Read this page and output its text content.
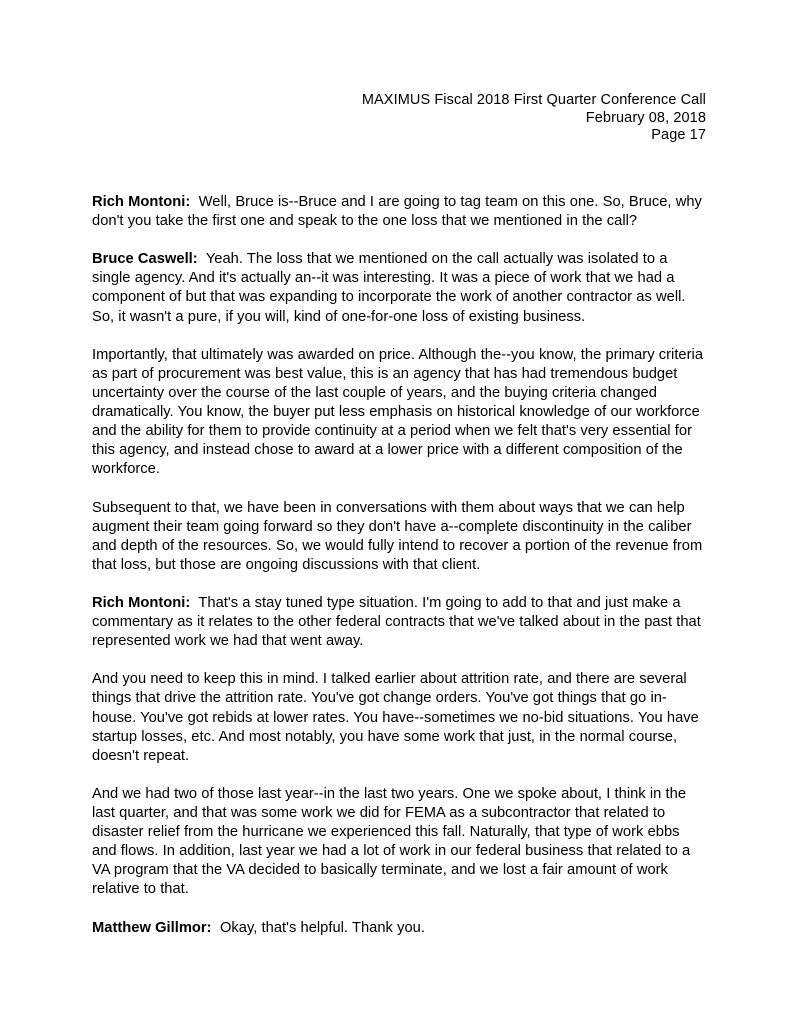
MAXIMUS Fiscal 2018 First Quarter Conference Call
February 08, 2018
Page 17

Rich Montoni: Well, Bruce is--Bruce and I are going to tag team on this one. So, Bruce, why don't you take the first one and speak to the one loss that we mentioned in the call?

Bruce Caswell: Yeah. The loss that we mentioned on the call actually was isolated to a single agency. And it's actually an--it was interesting. It was a piece of work that we had a component of but that was expanding to incorporate the work of another contractor as well. So, it wasn't a pure, if you will, kind of one-for-one loss of existing business.

Importantly, that ultimately was awarded on price. Although the--you know, the primary criteria as part of procurement was best value, this is an agency that has had tremendous budget uncertainty over the course of the last couple of years, and the buying criteria changed dramatically. You know, the buyer put less emphasis on historical knowledge of our workforce and the ability for them to provide continuity at a period when we felt that's very essential for this agency, and instead chose to award at a lower price with a different composition of the workforce.

Subsequent to that, we have been in conversations with them about ways that we can help augment their team going forward so they don't have a--complete discontinuity in the caliber and depth of the resources. So, we would fully intend to recover a portion of the revenue from that loss, but those are ongoing discussions with that client.

Rich Montoni: That's a stay tuned type situation. I'm going to add to that and just make a commentary as it relates to the other federal contracts that we've talked about in the past that represented work we had that went away.

And you need to keep this in mind. I talked earlier about attrition rate, and there are several things that drive the attrition rate. You've got change orders. You've got things that go in-house. You've got rebids at lower rates. You have--sometimes we no-bid situations. You have startup losses, etc. And most notably, you have some work that just, in the normal course, doesn't repeat.

And we had two of those last year--in the last two years. One we spoke about, I think in the last quarter, and that was some work we did for FEMA as a subcontractor that related to disaster relief from the hurricane we experienced this fall. Naturally, that type of work ebbs and flows. In addition, last year we had a lot of work in our federal business that related to a VA program that the VA decided to basically terminate, and we lost a fair amount of work relative to that.

Matthew Gillmor: Okay, that's helpful. Thank you.
